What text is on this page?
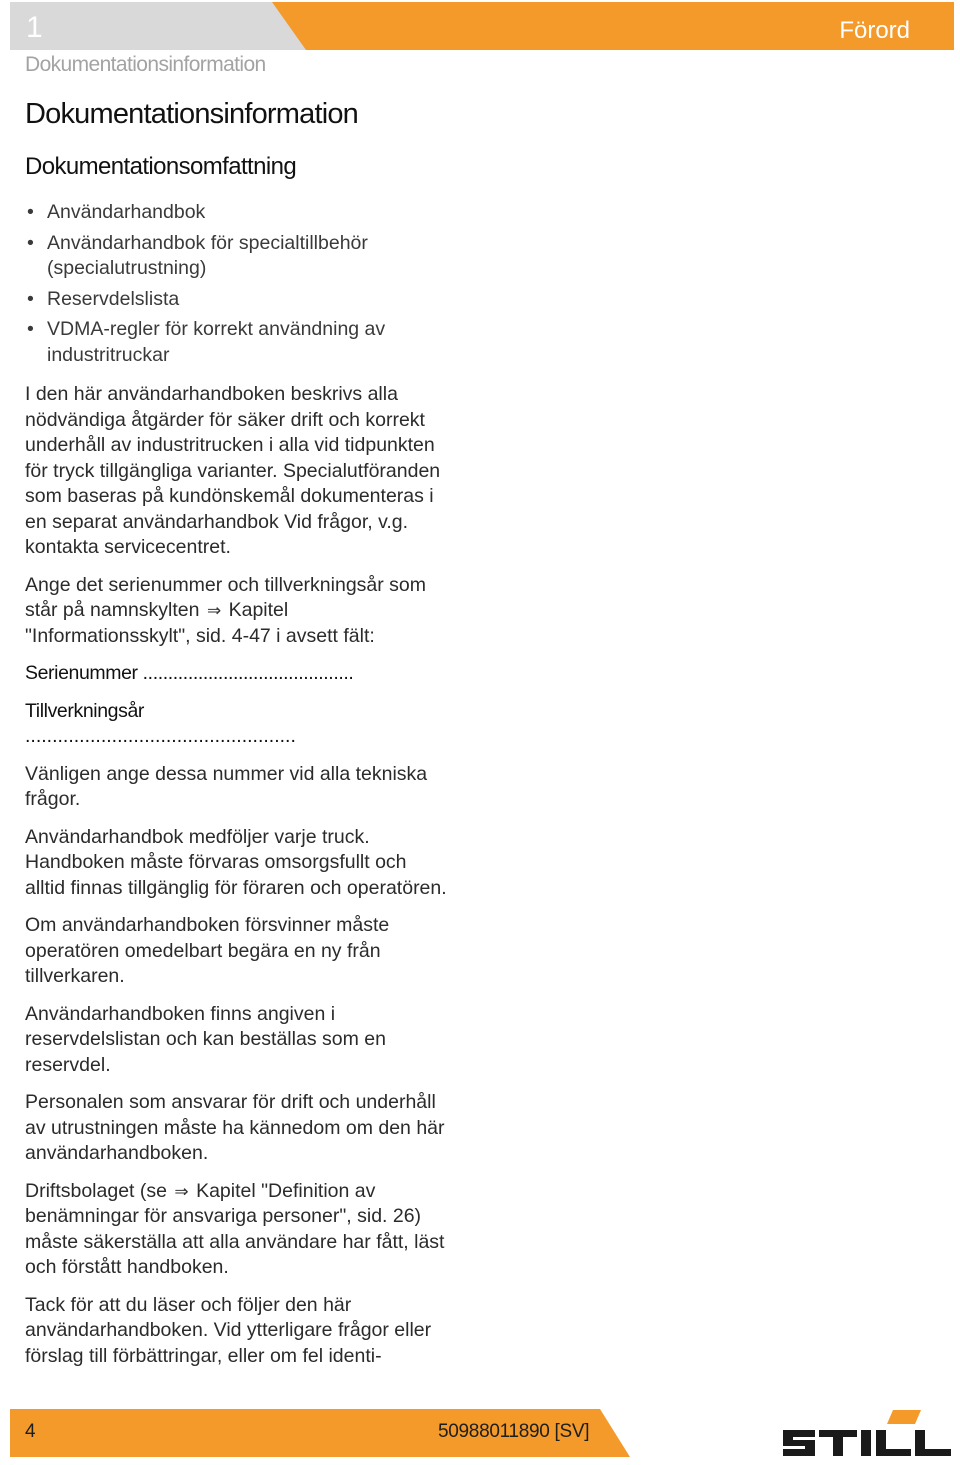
1	Förord
Dokumentationsinformation
Dokumentationsinformation
Dokumentationsomfattning
• Användarhandbok
• Användarhandbok för specialtillbehör (specialutrustning)
• Reservdelslista
• VDMA-regler för korrekt användning av industritruckar

I den här användarhandboken beskrivs alla nödvändiga åtgärder för säker drift och korrekt underhåll av industritrucken i alla vid tidpunkten för tryck tillgängliga varianter. Specialutföranden som baseras på kundönskemål dokumenteras i en separat användarhandbok Vid frågor, v.g. kontakta servicecentret.

Ange det serienummer och tillverkningsår som står på namnskylten ⇒ Kapitel "Informationsskylt", sid. 4-47 i avsett fält:

Serienummer ..........................................
Tillverkningsår
..................................................

Vänligen ange dessa nummer vid alla tekniska frågor.

Användarhandbok medföljer varje truck. Handboken måste förvaras omsorgsfullt och alltid finnas tillgänglig för föraren och operatören.

Om användarhandboken försvinner måste operatören omedelbart begära en ny från tillverkaren.

Användarhandboken finns angiven i reservdelslistan och kan beställas som en reservdel.

Personalen som ansvarar för drift och underhåll av utrustningen måste ha kännedom om den här användarhandboken.

Driftsbolaget (se ⇒ Kapitel "Definition av benämningar för ansvariga personer", sid. 26) måste säkerställa att alla användare har fått, läst och förstått handboken.

Tack för att du läser och följer den här användarhandboken. Vid ytterligare frågor eller förslag till förbättringar, eller om fel identi-

4	50988011890 [SV]
